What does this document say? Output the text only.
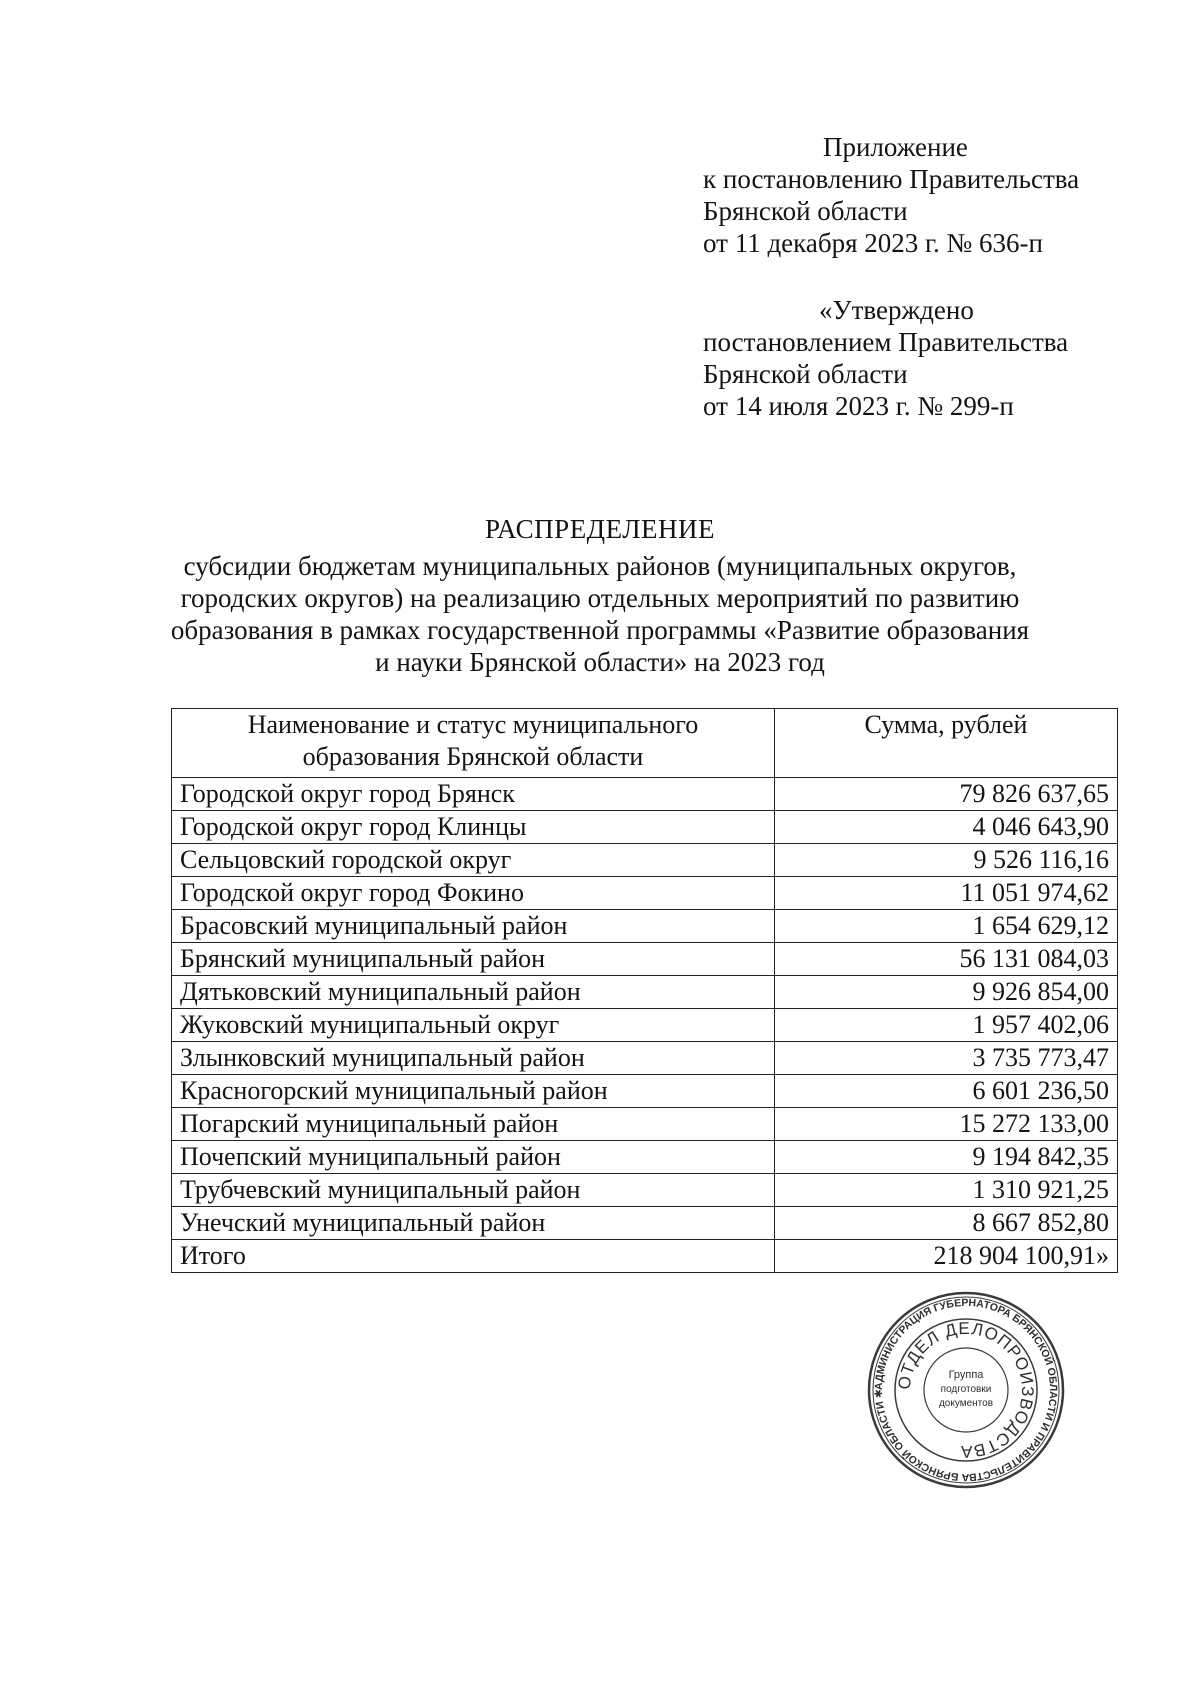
Приложение
к постановлению Правительства
Брянской области
от 11 декабря 2023 г. № 636-п
«Утверждено
постановлением Правительства
Брянской области
от 14 июля 2023 г. № 299-п
РАСПРЕДЕЛЕНИЕ
субсидии бюджетам муниципальных районов (муниципальных округов,
городских округов) на реализацию отдельных мероприятий по развитию
образования в рамках государственной программы «Развитие образования
и науки Брянской области» на 2023 год
Наименование и статус муниципального
образования Брянской области	Сумма, рублей
Городской округ город Брянск	79 826 637,65
Городской округ город Клинцы	4 046 643,90
Сельцовский городской округ	9 526 116,16
Городской округ город Фокино	11 051 974,62
Брасовский муниципальный район	1 654 629,12
Брянский муниципальный район	56 131 084,03
Дятьковский муниципальный район	9 926 854,00
Жуковский муниципальный округ	1 957 402,06
Злынковский муниципальный район	3 735 773,47
Красногорский муниципальный район	6 601 236,50
Погарский муниципальный район	15 272 133,00
Почепский муниципальный район	9 194 842,35
Трубчевский муниципальный район	1 310 921,25
Унечский муниципальный район	8 667 852,80
Итого	218 904 100,91»
АДМИНИСТРАЦИЯ ГУБЕРНАТОРА БРЯНСКОЙ ОБЛАСТИ И ПРАВИТЕЛЬСТВА БРЯНСКОЙ ОБЛАСТИ ✱
ОТДЕЛ ДЕЛОПРОИЗВОДСТВА
Группа
подготовки
документов
